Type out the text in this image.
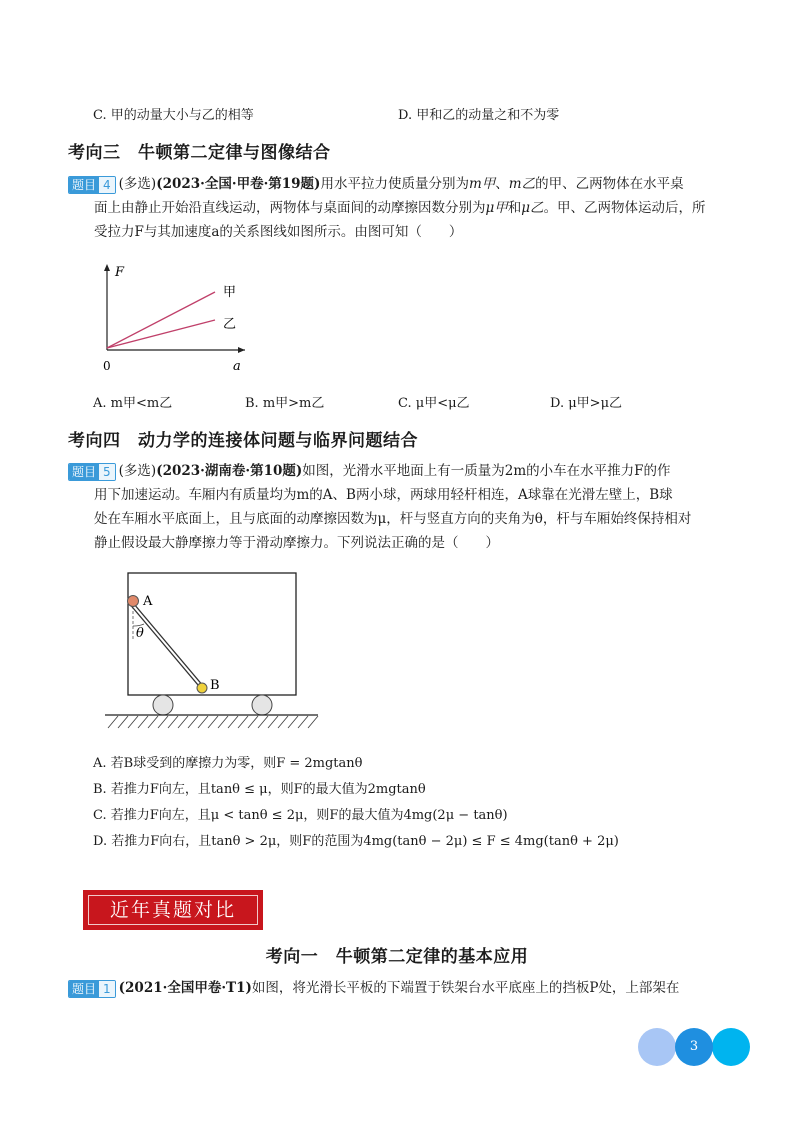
C. 甲的动量大小与乙的相等	D. 甲和乙的动量之和不为零
考向三　牛顿第二定律与图像结合
题目 4 (多选)(2023·全国·甲卷·第19题)用水平拉力使质量分别为m甲、m乙的甲、乙两物体在水平桌
面上由静止开始沿直线运动，两物体与桌面间的动摩擦因数分别为μ甲和μ乙。甲、乙两物体运动后，所
受拉力F与其加速度a的关系图线如图所示。由图可知（　　）
F
a
0
甲
乙
A. m甲<m乙	B. m甲>m乙	C. μ甲<μ乙	D. μ甲>μ乙
考向四　动力学的连接体问题与临界问题结合
题目 5 (多选)(2023·湖南卷·第10题)如图，光滑水平地面上有一质量为2m的小车在水平推力F的作
用下加速运动。车厢内有质量均为m的A、B两小球，两球用轻杆相连，A球靠在光滑左壁上，B球
处在车厢水平底面上，且与底面的动摩擦因数为μ，杆与竖直方向的夹角为θ，杆与车厢始终保持相对
静止假设最大静摩擦力等于滑动摩擦力。下列说法正确的是（　　）
A
B
θ
A. 若B球受到的摩擦力为零，则F = 2mgtanθ
B. 若推力F向左，且tanθ ≤ μ，则F的最大值为2mgtanθ
C. 若推力F向左，且μ < tanθ ≤ 2μ，则F的最大值为4mg(2μ − tanθ)
D. 若推力F向右，且tanθ > 2μ，则F的范围为4mg(tanθ − 2μ) ≤ F ≤ 4mg(tanθ + 2μ)
近年真题对比
考向一　牛顿第二定律的基本应用
题目 1 (2021·全国甲卷·T1)如图，将光滑长平板的下端置于铁架台水平底座上的挡板P处，上部架在
3
